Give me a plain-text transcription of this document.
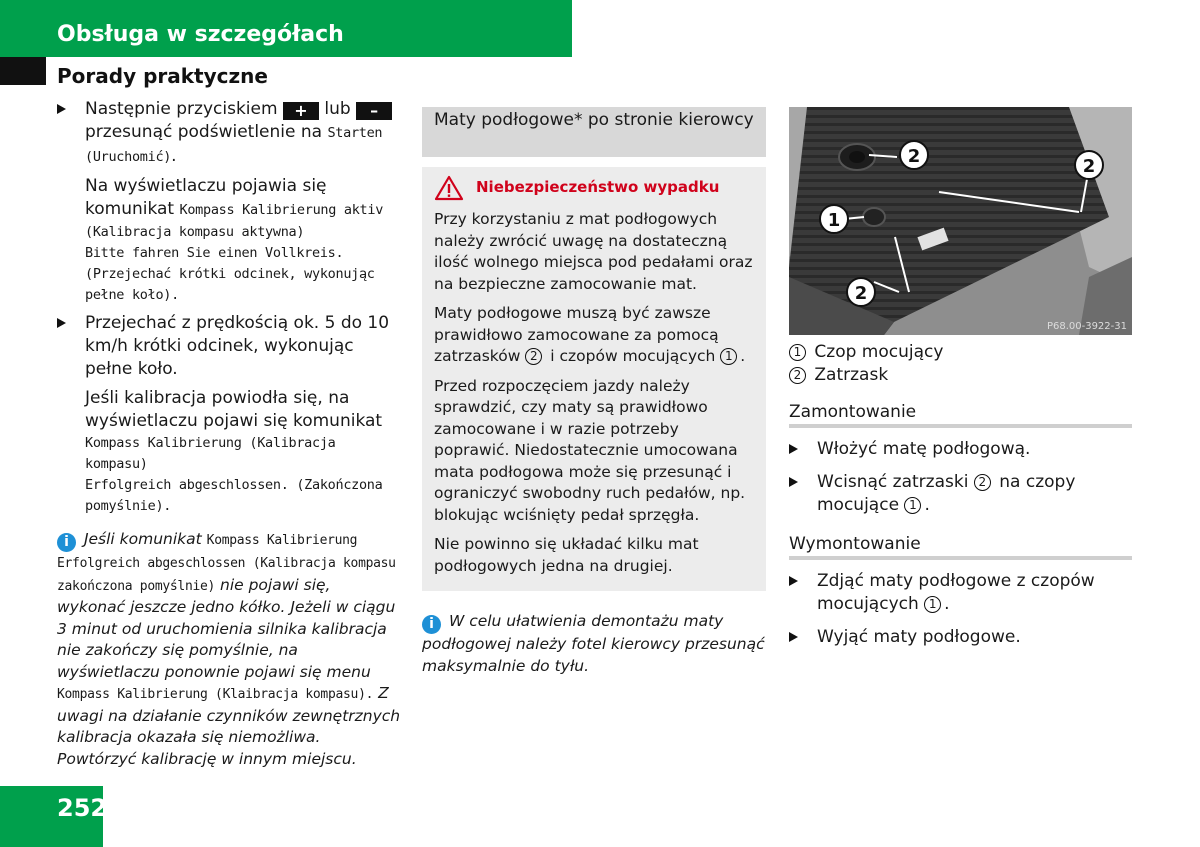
Obsługa w szczegółach
Porady praktyczne
Następnie przyciskiem + lub – przesunąć podświetlenie na Starten (Uruchomić).
Na wyświetlaczu pojawia się komunikat Kompass Kalibrierung aktiv
(Kalibracja kompasu aktywna)
Bitte fahren Sie einen Vollkreis.
(Przejechać krótki odcinek, wykonując pełne koło).
Przejechać z prędkością ok. 5 do 10 km/h krótki odcinek, wykonując pełne koło.
Jeśli kalibracja powiodła się, na wyświetlaczu pojawi się komunikat
Kompass Kalibrierung (Kalibracja kompasu)
Erfolgreich abgeschlossen. (Zakończona pomyślnie).
i Jeśli komunikat Kompass Kalibrierung Erfolgreich abgeschlossen (Kalibracja kompasu zakończona pomyślnie) nie pojawi się, wykonać jeszcze jedno kółko. Jeżeli w ciągu 3 minut od uruchomienia silnika kalibracja nie zakończy się pomyślnie, na wyświetlaczu ponownie pojawi się menu Kompass Kalibrierung (Klaibracja kompasu). Z uwagi na działanie czynników zewnętrznych kalibracja okazała się niemożliwa. Powtórzyć kalibrację w innym miejscu.
Maty podłogowe* po stronie kierowcy
Niebezpieczeństwo wypadku

Przy korzystaniu z mat podłogowych należy zwrócić uwagę na dostateczną ilość wolnego miejsca pod pedałami oraz na bezpieczne zamocowanie mat.

Maty podłogowe muszą być zawsze prawidłowo zamocowane za pomocą zatrzasków 2 i czopów mocujących 1 .

Przed rozpoczęciem jazdy należy sprawdzić, czy maty są prawidłowo zamocowane i w razie potrzeby poprawić. Niedostatecznie umocowana mata podłogowa może się przesunąć i ograniczyć swobodny ruch pedałów, np. blokując wciśnięty pedał sprzęgła.

Nie powinno się układać kilku mat podłogowych jedna na drugiej.

i W celu ułatwienia demontażu maty podłogowej należy fotel kierowcy przesunąć maksymalnie do tyłu.
2	2
1
2
P68.00-3922-31
1 Czop mocujący
2 Zatrzask
Zamontowanie
Włożyć matę podłogową.
Wcisnąć zatrzaski 2 na czopy mocujące 1 .
Wymontowanie
Zdjąć maty podłogowe z czopów mocujących 1 .
Wyjąć maty podłogowe.
252
